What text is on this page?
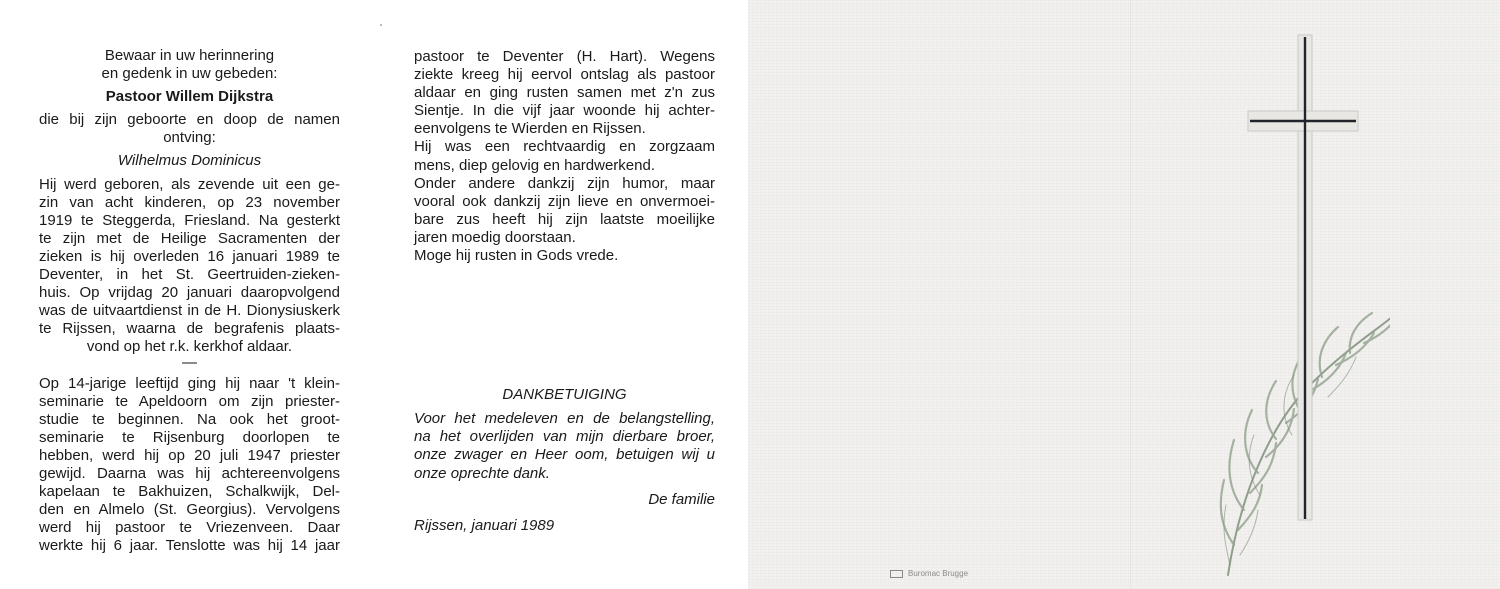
Bewaar in uw herinnering
en gedenk in uw gebeden:
Pastoor Willem Dijkstra
die bij zijn geboorte en doop de namen
ontving:
Wilhelmus Dominicus
Hij werd geboren, als zevende uit een ge-
zin van acht kinderen, op 23 november
1919 te Steggerda, Friesland. Na gesterkt
te zijn met de Heilige Sacramenten der
zieken is hij overleden 16 januari 1989 te
Deventer, in het St. Geertruiden-zieken-
huis. Op vrijdag 20 januari daaropvolgend
was de uitvaartdienst in de H. Dionysiuskerk
te Rijssen, waarna de begrafenis plaats-
vond op het r.k. kerkhof aldaar.
—
Op 14-jarige leeftijd ging hij naar 't klein-
seminarie te Apeldoorn om zijn priester-
studie te beginnen. Na ook het groot-
seminarie te Rijsenburg doorlopen te
hebben, werd hij op 20 juli 1947 priester
gewijd. Daarna was hij achtereenvolgens
kapelaan te Bakhuizen, Schalkwijk, Del-
den en Almelo (St. Georgius). Vervolgens
werd hij pastoor te Vriezenveen. Daar
werkte hij 6 jaar. Tenslotte was hij 14 jaar
pastoor te Deventer (H. Hart). Wegens
ziekte kreeg hij eervol ontslag als pastoor
aldaar en ging rusten samen met z'n zus
Sientje. In die vijf jaar woonde hij achter-
eenvolgens te Wierden en Rijssen.
Hij was een rechtvaardig en zorgzaam
mens, diep gelovig en hardwerkend.
Onder andere dankzij zijn humor, maar
vooral ook dankzij zijn lieve en onvermoei-
bare zus heeft hij zijn laatste moeilijke
jaren moedig doorstaan.
Moge hij rusten in Gods vrede.
DANKBETUIGING
Voor het medeleven en de belangstelling,
na het overlijden van mijn dierbare broer,
onze zwager en Heer oom, betuigen wij u
onze oprechte dank.
De familie
Rijssen, januari 1989
Buromac Brugge
